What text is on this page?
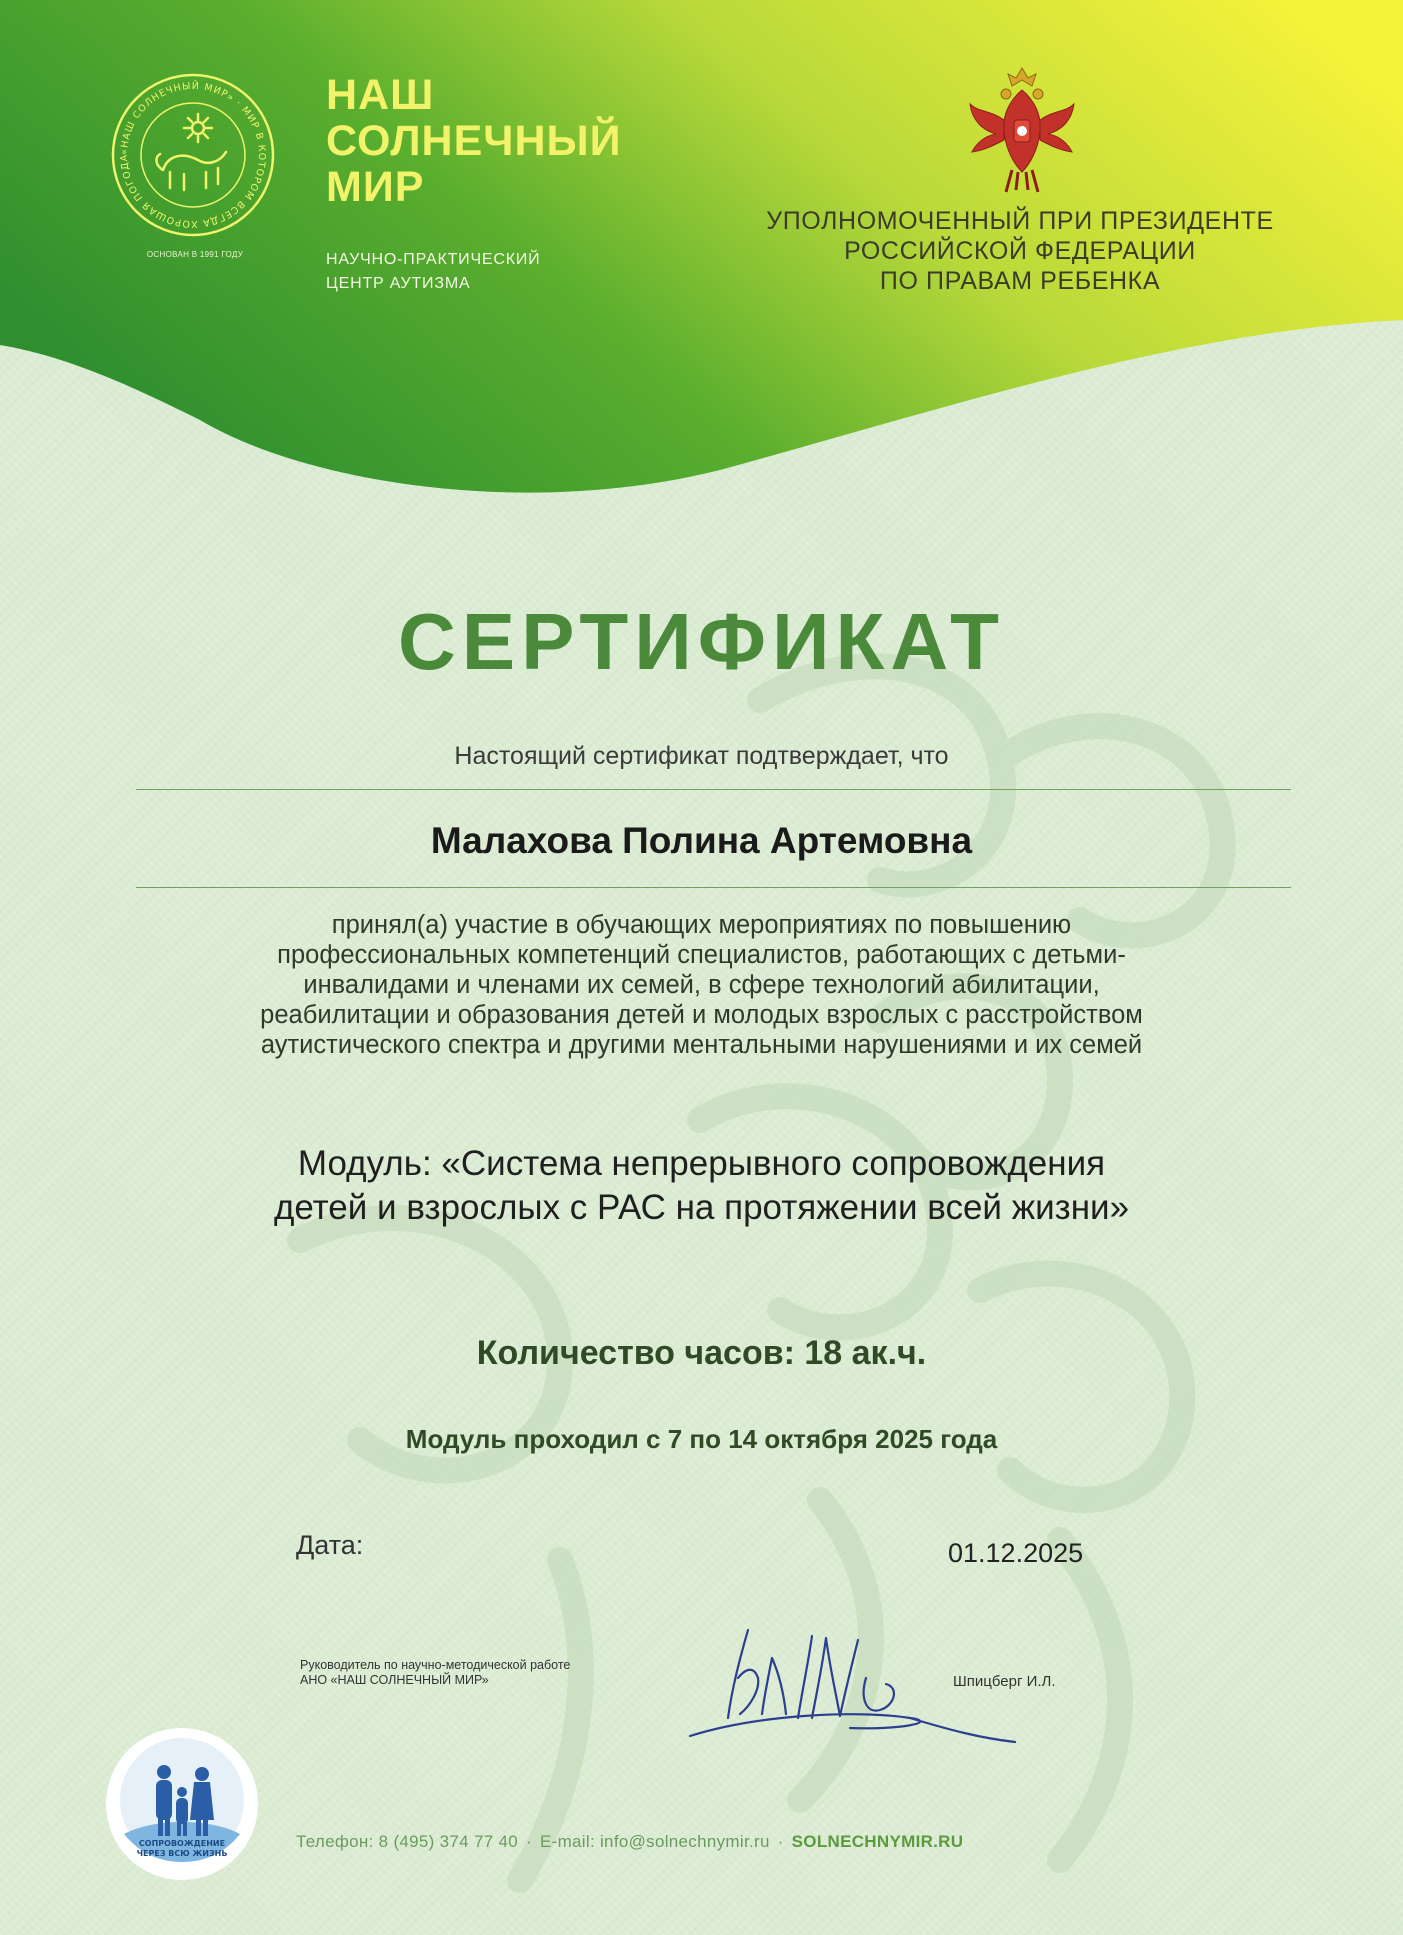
«НАШ СОЛНЕЧНЫЙ МИР» · МИР В КОТОРОМ ВСЕГДА ХОРОШАЯ ПОГОДА
ОСНОВАН В 1991 ГОДУ
НАШ
СОЛНЕЧНЫЙ
МИР
НАУЧНО-ПРАКТИЧЕСКИЙ
ЦЕНТР АУТИЗМА
УПОЛНОМОЧЕННЫЙ ПРИ ПРЕЗИДЕНТЕ
РОССИЙСКОЙ ФЕДЕРАЦИИ
ПО ПРАВАМ РЕБЕНКА
СЕРТИФИКАТ
Настоящий сертификат подтверждает, что
Малахова Полина Артемовна
принял(а) участие в обучающих мероприятиях по повышению
профессиональных компетенций специалистов, работающих с детьми-
инвалидами и членами их семей, в сфере технологий абилитации,
реабилитации и образования детей и молодых взрослых с расстройством
аутистического спектра и другими ментальными нарушениями и их семей
Модуль: «Система непрерывного сопровождения
детей и взрослых с РАС на протяжении всей жизни»
Количество часов: 18 ак.ч.
Модуль проходил с 7 по 14 октября 2025 года
Дата:	01.12.2025
Руководитель по научно-методической работе
АНО «НАШ СОЛНЕЧНЫЙ МИР»	Шпицберг И.Л.
СОПРОВОЖДЕНИЕ
ЧЕРЕЗ ВСЮ ЖИЗНЬ
Телефон: 8 (495) 374 77 40 · E-mail: info@solnechnymir.ru · SOLNECHNYMIR.RU
